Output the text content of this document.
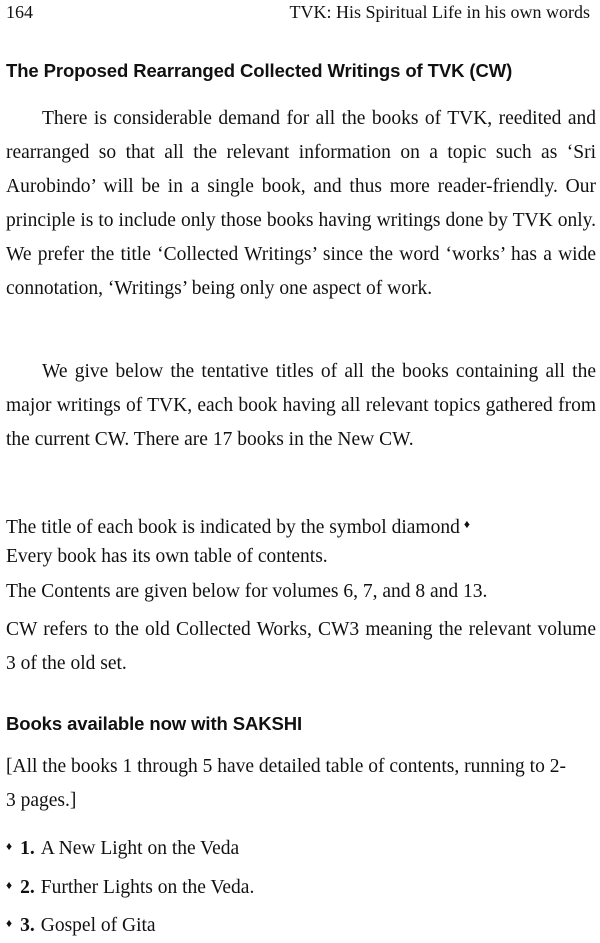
164	TVK: His Spiritual Life in his own words
The Proposed Rearranged Collected Writings of TVK (CW)
There is considerable demand for all the books of TVK, reedited and rearranged so that all the relevant information on a topic such as ‘Sri Aurobindo’ will be in a single book, and thus more reader-friendly. Our principle is to include only those books having writings done by TVK only. We prefer the title ‘Collected Writings’ since the word ‘works’ has a wide connotation, ‘Writings’ being only one aspect of work.
We give below the tentative titles of all the books containing all the major writings of TVK, each book having all relevant topics gathered from the current CW. There are 17 books in the New CW.
The title of each book is indicated by the symbol diamond ♦
Every book has its own table of contents.
The Contents are given below for volumes 6, 7, and 8 and 13.
CW refers to the old Collected Works, CW3 meaning the relevant volume 3 of the old set.
Books available now with SAKSHI
[All the books 1 through 5 have detailed table of contents, running to 2-3 pages.]
♦ 1. A New Light on the Veda
♦ 2. Further Lights on the Veda.
♦ 3. Gospel of Gita
